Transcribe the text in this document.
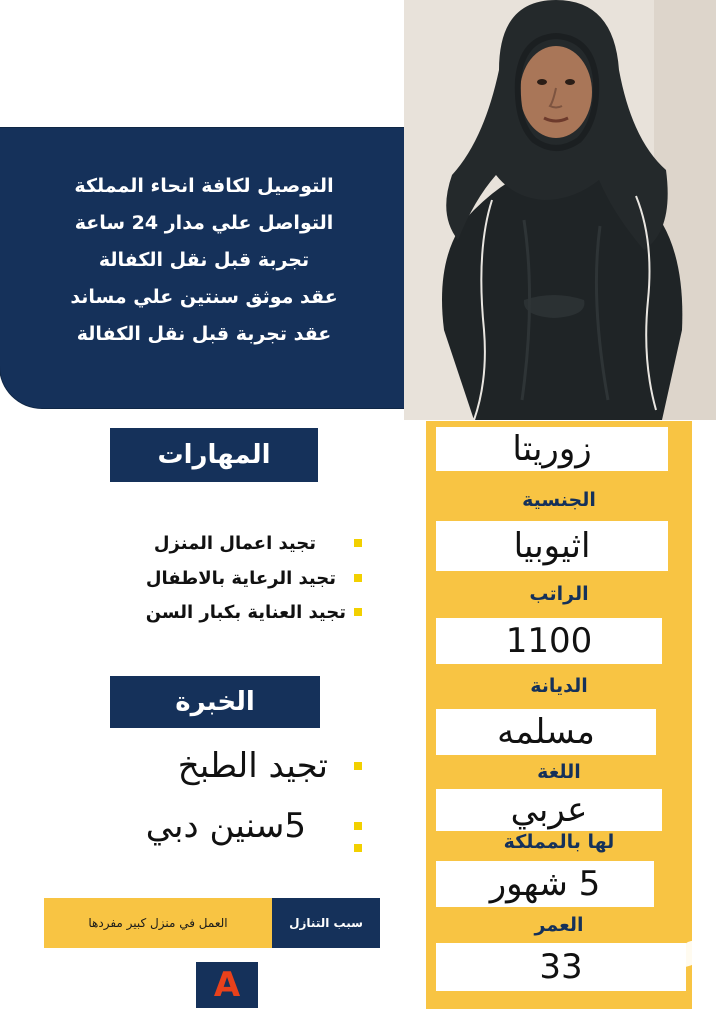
التوصيل لكافة انحاء المملكة
التواصل علي مدار 24 ساعة
تجربة قبل نقل الكفالة
عقد موثق سنتين علي مساند
عقد تجربة قبل نقل الكفالة
زوريتا
الجنسية
اثيوبيا
الراتب
1100
الديانة
مسلمه
اللغة
عربي
لها بالمملكة
5 شهور
العمر
33
المهارات
تجيد اعمال المنزل
تجيد الرعاية بالاطفال
تجيد العناية بكبار السن
الخبرة
تجيد الطبخ
5سنين دبي
العمل في منزل كبير مفردها	سبب التنازل
A
